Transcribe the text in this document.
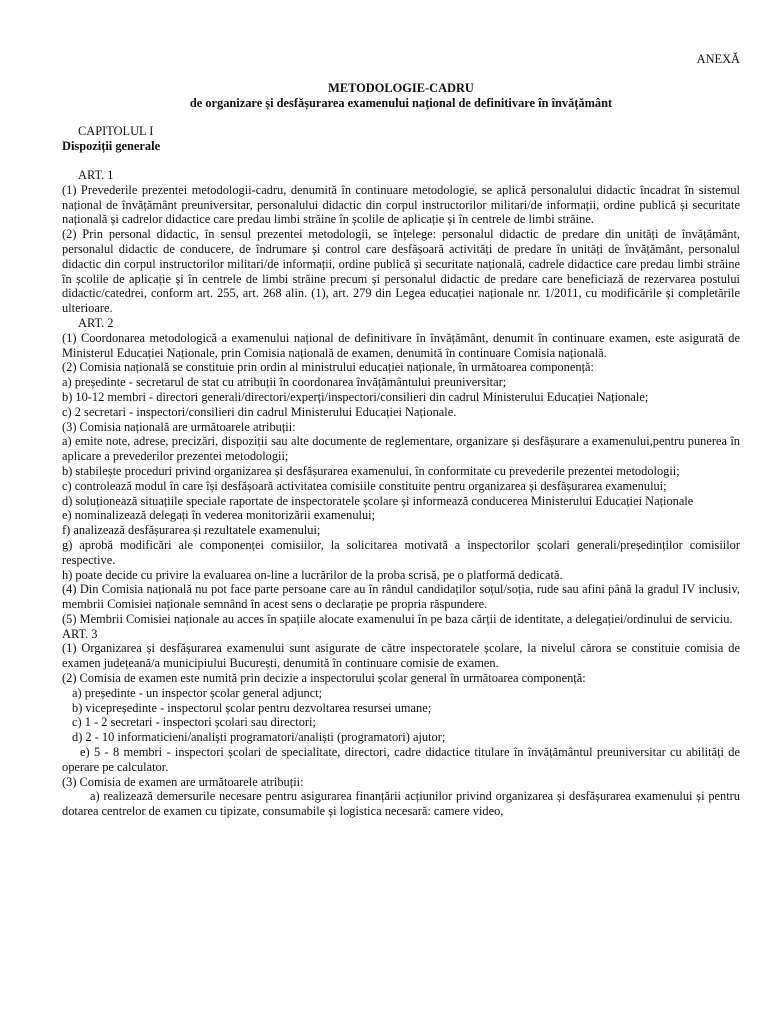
ANEXĂ

METODOLOGIE-CADRU

de organizare și desfășurarea examenului național de definitivare în învățământ

CAPITOLUL I

Dispoziții generale

ART. 1

(1) Prevederile prezentei metodologii-cadru, denumită în continuare metodologie, se aplică personalului didactic încadrat în sistemul național de învățământ preuniversitar, personalului didactic din corpul instructorilor militari/de informații, ordine publică și securitate națională și cadrelor didactice care predau limbi străine în școlile de aplicație și în centrele de limbi străine.

(2) Prin personal didactic, în sensul prezentei metodologii, se înțelege: personalul didactic de predare din unități de învățământ, personalul didactic de conducere, de îndrumare și control care desfășoară activități de predare în unități de învățământ, personalul didactic din corpul instructorilor militari/de informații, ordine publică și securitate națională, cadrele didactice care predau limbi străine în școlile de aplicație și în centrele de limbi străine precum și personalul didactic de predare care beneficiază de rezervarea postului didactic/catedrei, conform art. 255, art. 268 alin. (1), art. 279 din Legea educației naționale nr. 1/2011, cu modificările și completările ulterioare.

ART. 2

(1) Coordonarea metodologică a examenului național de definitivare în învățământ, denumit în continuare examen, este asigurată de Ministerul Educației Naționale, prin Comisia națională de examen, denumită în continuare Comisia națională.

(2) Comisia națională se constituie prin ordin al ministrului educației naționale, în următoarea componență:

a) președinte - secretarul de stat cu atribuții în coordonarea învățământului preuniversitar;

b) 10-12 membri - directori generali/directori/experți/inspectori/consilieri din cadrul Ministerului Educației Naționale;

c) 2 secretari - inspectori/consilieri din cadrul Ministerului Educației Naționale.

(3) Comisia națională are următoarele atribuții:

a) emite note, adrese, precizări, dispoziții sau alte documente de reglementare, organizare și desfășurare a examenului,pentru punerea în aplicare a prevederilor prezentei metodologii;

b) stabilește proceduri privind organizarea și desfășurarea examenului, în conformitate cu prevederile prezentei metodologii;

c) controlează modul în care își desfășoară activitatea comisiile constituite pentru organizarea și desfășurarea examenului;

d) soluționează situațiile speciale raportate de inspectoratele școlare și informează conducerea Ministerului Educației Naționale

e) nominalizează delegați în vederea monitorizării examenului;

f) analizează desfășurarea și rezultatele examenului;

g) aprobă modificări ale componenței comisiilor, la solicitarea motivată a inspectorilor școlari generali/președinților comisiilor respective.

h) poate decide cu privire la evaluarea on-line a lucrărilor de la proba scrisă, pe o platformă dedicată.

(4) Din Comisia națională nu pot face parte persoane care au în rândul candidaților soțul/soția, rude sau afini până la gradul IV inclusiv, membrii Comisiei naționale semnând în acest sens o declarație pe propria răspundere.

(5) Membrii Comisiei naționale au acces în spațiile alocate examenului în pe baza cărții de identitate, a delegației/ordinului de serviciu.

ART. 3

(1) Organizarea și desfășurarea examenului sunt asigurate de către inspectoratele școlare, la nivelul cărora se constituie comisia de examen județeană/a municipiului București, denumită în continuare comisie de examen.

(2) Comisia de examen este numită prin decizie a inspectorului școlar general în următoarea componență:

a) președinte - un inspector școlar general adjunct;

b) vicepreședinte - inspectorul școlar pentru dezvoltarea resursei umane;

c) 1 - 2 secretari - inspectori școlari sau directori;

d) 2 - 10 informaticieni/analiști programatori/analiști (programatori) ajutor;

e) 5 - 8 membri - inspectori școlari de specialitate, directori, cadre didactice titulare în învățământul preuniversitar cu abilități de operare pe calculator.

(3) Comisia de examen are următoarele atribuții:

a) realizează demersurile necesare pentru asigurarea finanțării acțiunilor privind organizarea și desfășurarea examenului și pentru dotarea centrelor de examen cu tipizate, consumabile și logistica necesară: camere video,
